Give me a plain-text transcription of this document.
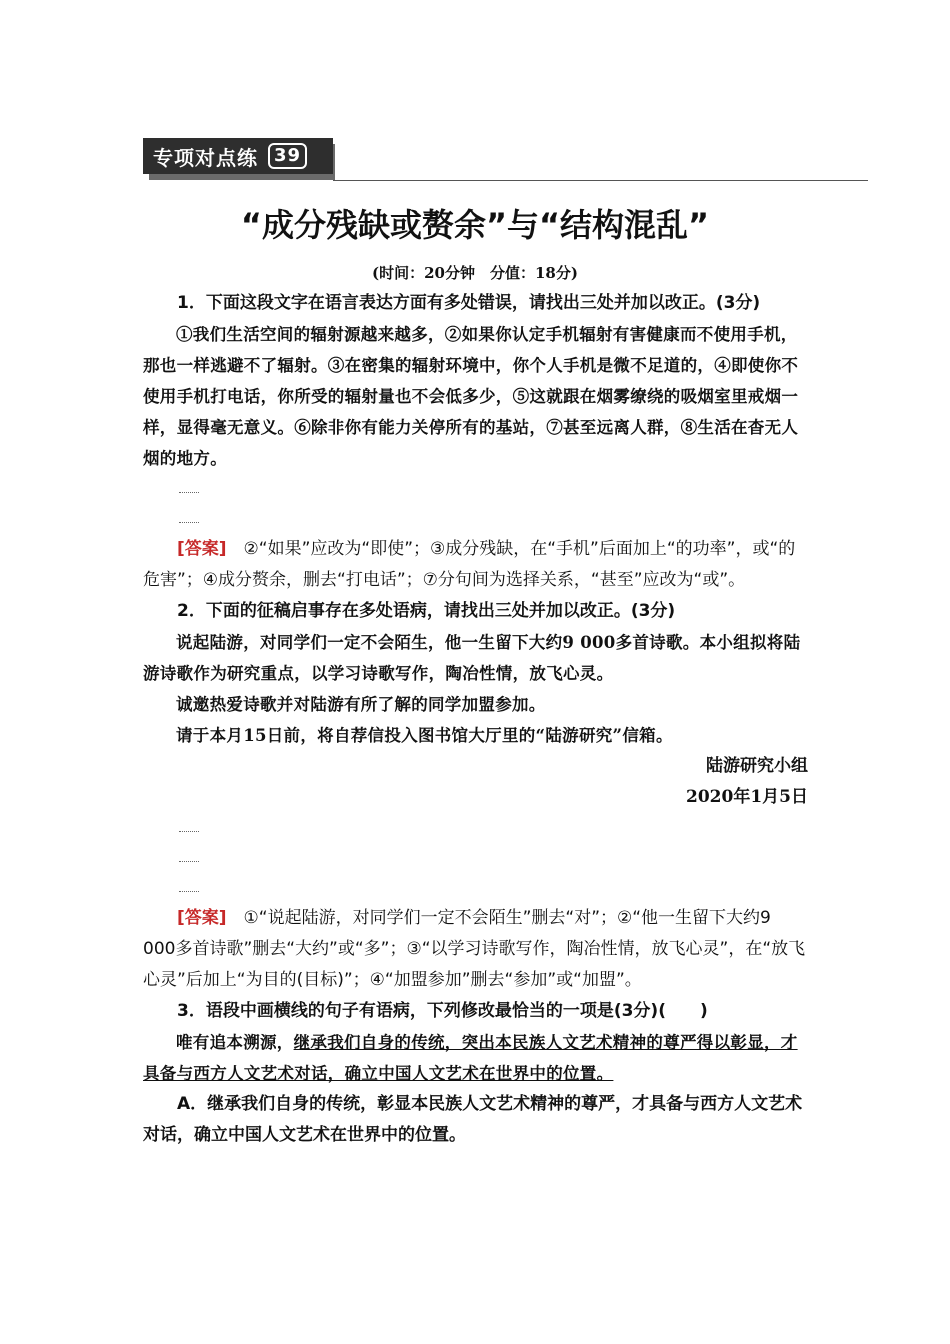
专项对点练 39
“成分残缺或赘余”与“结构混乱”
(时间：20分钟　分值：18分)

1．下面这段文字在语言表达方面有多处错误，请找出三处并加以改正。(3分)

①我们生活空间的辐射源越来越多，②如果你认定手机辐射有害健康而不使用手机，那也一样逃避不了辐射。③在密集的辐射环境中，你个人手机是微不足道的，④即使你不使用手机打电话，你所受的辐射量也不会低多少，⑤这就跟在烟雾缭绕的吸烟室里戒烟一样，显得毫无意义。⑥除非你有能力关停所有的基站，⑦甚至远离人群，⑧生活在杳无人烟的地方。

[答案]　 ②“如果”应改为“即使”；③成分残缺，在“手机”后面加上“的功率”，或“的危害”；④成分赘余，删去“打电话”；⑦分句间为选择关系，“甚至”应改为“或”。

2．下面的征稿启事存在多处语病，请找出三处并加以改正。(3分)

说起陆游，对同学们一定不会陌生，他一生留下大约9 000多首诗歌。本小组拟将陆游诗歌作为研究重点，以学习诗歌写作，陶冶性情，放飞心灵。

诚邀热爱诗歌并对陆游有所了解的同学加盟参加。

请于本月15日前，将自荐信投入图书馆大厅里的“陆游研究”信箱。

陆游研究小组

2020年1月5日

[答案]　 ①“说起陆游，对同学们一定不会陌生”删去“对”；②“他一生留下大约9 000多首诗歌”删去“大约”或“多”；③“以学习诗歌写作，陶冶性情，放飞心灵”，在“放飞心灵”后加上“为目的(目标)”；④“加盟参加”删去“参加”或“加盟”。

3．语段中画横线的句子有语病，下列修改最恰当的一项是(3分)(　　)

唯有追本溯源，继承我们自身的传统，突出本民族人文艺术精神的尊严得以彰显，才具备与西方人文艺术对话，确立中国人文艺术在世界中的位置。

A．继承我们自身的传统，彰显本民族人文艺术精神的尊严，才具备与西方人文艺术对话，确立中国人文艺术在世界中的位置。
